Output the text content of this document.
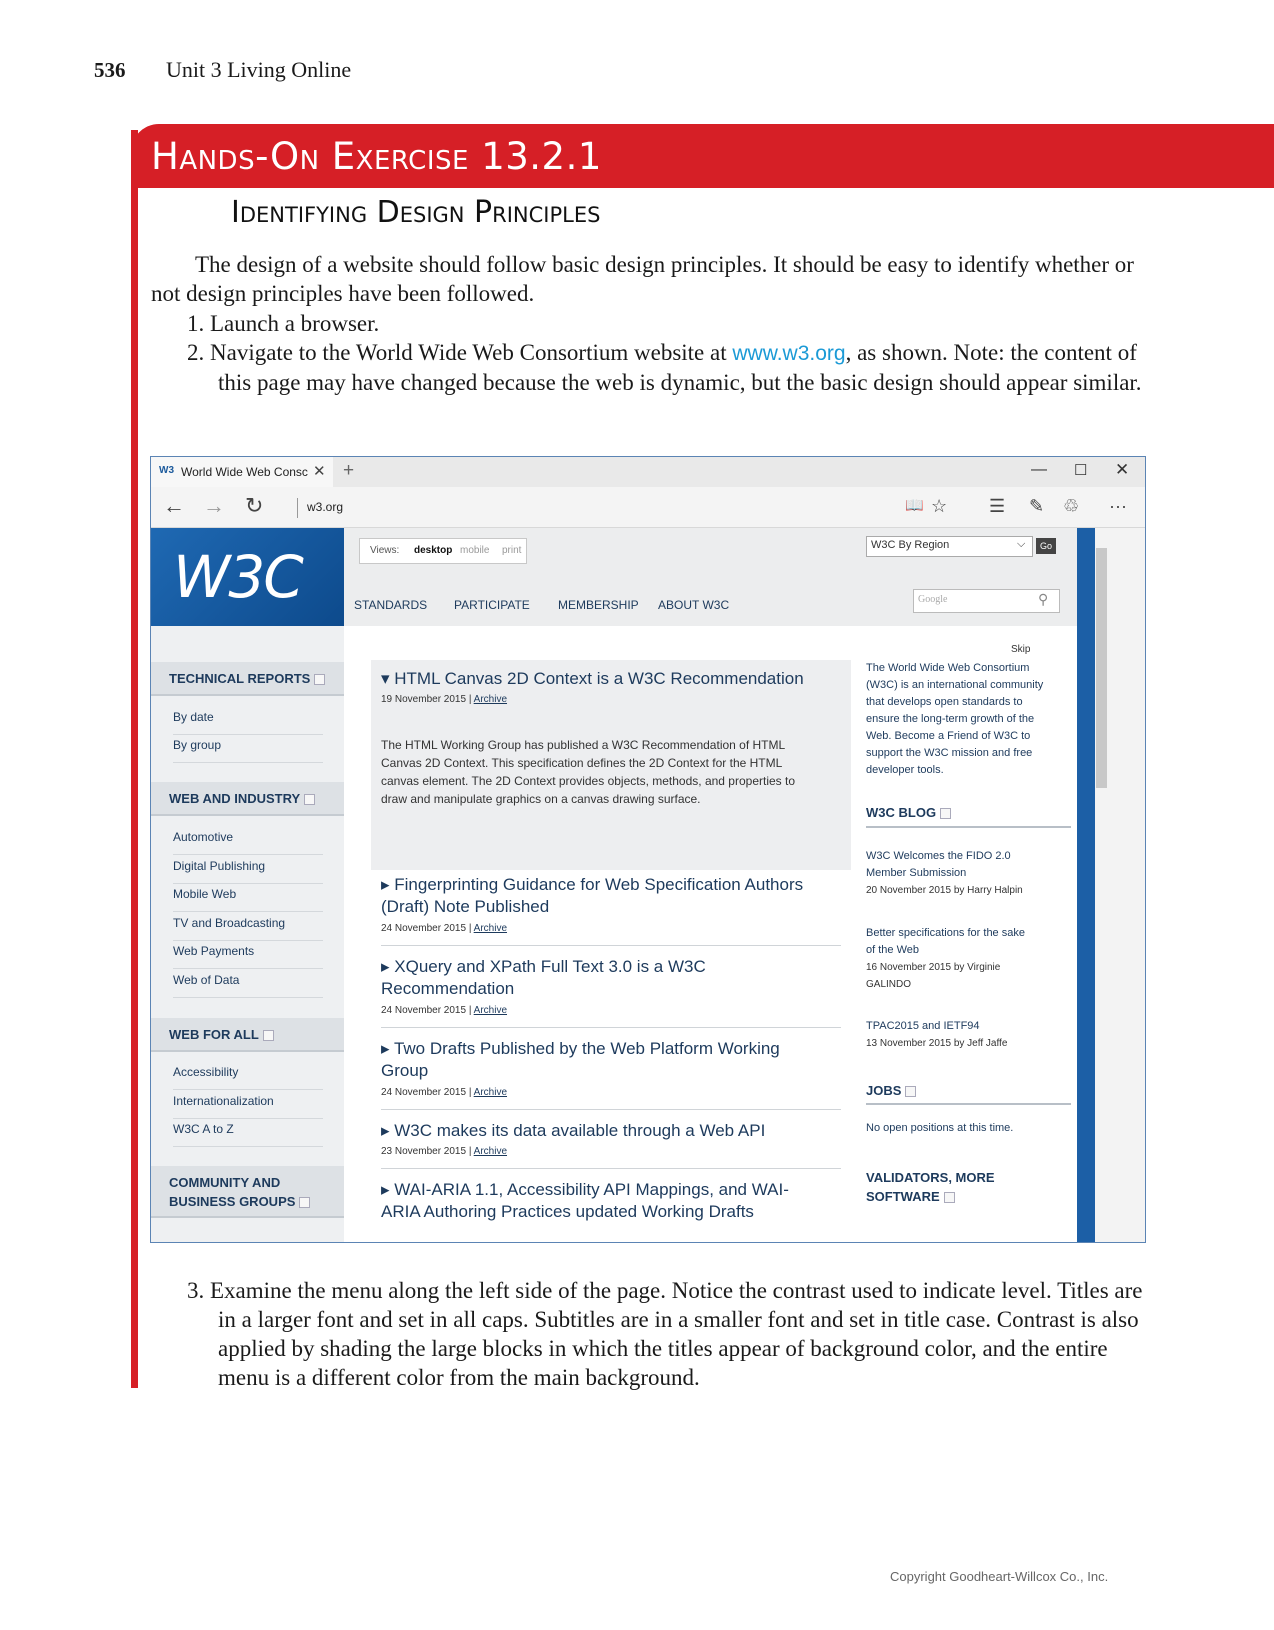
536 Unit 3 Living Online
Hands-On Exercise 13.2.1
Identifying Design Principles
The design of a website should follow basic design principles. It should be easy to identify whether or not design principles have been followed.
1. Launch a browser.
2. Navigate to the World Wide Web Consortium website at www.w3.org, as shown. Note: the content of this page may have changed because the web is dynamic, but the basic design should appear similar.
W3 World Wide Web Consc ✕ +	— ☐ ✕
← → ↻	w3.org	📖 ☆ ☰ ✎ ♲ ···
W3C
TECHNICAL REPORTS
By date
By group
WEB AND INDUSTRY
Automotive
Digital Publishing
Mobile Web
TV and Broadcasting
Web Payments
Web of Data
WEB FOR ALL
Accessibility
Internationalization
W3C A to Z
COMMUNITY AND
BUSINESS GROUPS
Views: desktop mobile print
STANDARDS PARTICIPATE MEMBERSHIP ABOUT W3C
W3C By Region	⌵	Go
Google	⚲
Skip
▾ HTML Canvas 2D Context is a W3C Recommendation
19 November 2015 | Archive
The HTML Working Group has published a W3C Recommendation of HTML Canvas 2D Context. This specification defines the 2D Context for the HTML canvas element. The 2D Context provides objects, methods, and properties to draw and manipulate graphics on a canvas drawing surface.
▸ Fingerprinting Guidance for Web Specification Authors
(Draft) Note Published
24 November 2015 | Archive
▸ XQuery and XPath Full Text 3.0 is a W3C
Recommendation
24 November 2015 | Archive
▸ Two Drafts Published by the Web Platform Working
Group
24 November 2015 | Archive
▸ W3C makes its data available through a Web API
23 November 2015 | Archive
▸ WAI-ARIA 1.1, Accessibility API Mappings, and WAI-
ARIA Authoring Practices updated Working Drafts
The World Wide Web Consortium
(W3C) is an international community
that develops open standards to
ensure the long-term growth of the
Web. Become a Friend of W3C to
support the W3C mission and free
developer tools.
W3C BLOG
W3C Welcomes the FIDO 2.0
Member Submission
20 November 2015 by Harry Halpin
Better specifications for the sake
of the Web
16 November 2015 by Virginie
GALINDO
TPAC2015 and IETF94
13 November 2015 by Jeff Jaffe
JOBS
No open positions at this time.
VALIDATORS, MORE
SOFTWARE
3. Examine the menu along the left side of the page. Notice the contrast used to indicate level. Titles are in a larger font and set in all caps. Subtitles are in a smaller font and set in title case. Contrast is also applied by shading the large blocks in which the titles appear of background color, and the entire menu is a different color from the main background.
Copyright Goodheart-Willcox Co., Inc.
